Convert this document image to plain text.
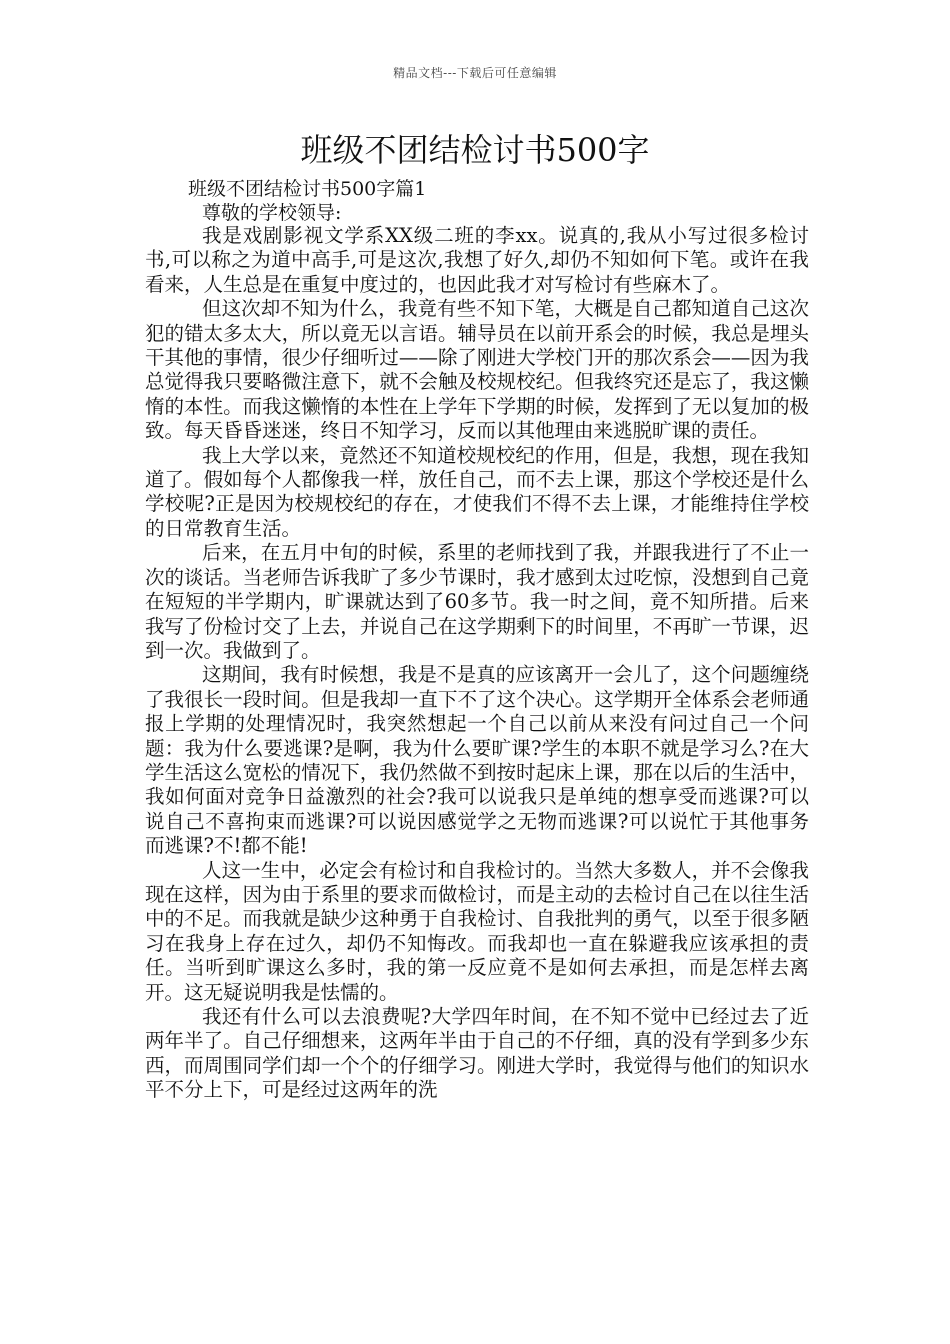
精品文档---下载后可任意编辑
班级不团结检讨书500字
班级不团结检讨书500字篇1
尊敬的学校领导:

我是戏剧影视文学系XX级二班的李xx。说真的,我从小写过很多检讨书,可以称之为道中高手,可是这次,我想了好久,却仍不知如何下笔。或许在我看来，人生总是在重复中度过的，也因此我才对写检讨有些麻木了。

但这次却不知为什么，我竟有些不知下笔，大概是自己都知道自己这次犯的错太多太大，所以竟无以言语。辅导员在以前开系会的时候，我总是埋头干其他的事情，很少仔细听过——除了刚进大学校门开的那次系会——因为我总觉得我只要略微注意下，就不会触及校规校纪。但我终究还是忘了，我这懒惰的本性。而我这懒惰的本性在上学年下学期的时候，发挥到了无以复加的极致。每天昏昏迷迷，终日不知学习，反而以其他理由来逃脱旷课的责任。

我上大学以来，竟然还不知道校规校纪的作用，但是，我想，现在我知道了。假如每个人都像我一样，放任自己，而不去上课，那这个学校还是什么学校呢?正是因为校规校纪的存在，才使我们不得不去上课，才能维持住学校的日常教育生活。

后来，在五月中旬的时候，系里的老师找到了我，并跟我进行了不止一次的谈话。当老师告诉我旷了多少节课时，我才感到太过吃惊，没想到自己竟在短短的半学期内，旷课就达到了60多节。我一时之间，竟不知所措。后来我写了份检讨交了上去，并说自己在这学期剩下的时间里，不再旷一节课，迟到一次。我做到了。

这期间，我有时候想，我是不是真的应该离开一会儿了，这个问题缠绕了我很长一段时间。但是我却一直下不了这个决心。这学期开全体系会老师通报上学期的处理情况时，我突然想起一个自己以前从来没有问过自己一个问题：我为什么要逃课?是啊，我为什么要旷课?学生的本职不就是学习么?在大学生活这么宽松的情况下，我仍然做不到按时起床上课，那在以后的生活中，我如何面对竞争日益激烈的社会?我可以说我只是单纯的想享受而逃课?可以说自己不喜拘束而逃课?可以说因感觉学之无物而逃课?可以说忙于其他事务而逃课?不!都不能!

人这一生中，必定会有检讨和自我检讨的。当然大多数人，并不会像我现在这样，因为由于系里的要求而做检讨，而是主动的去检讨自己在以往生活中的不足。而我就是缺少这种勇于自我检讨、自我批判的勇气，以至于很多陋习在我身上存在过久，却仍不知悔改。而我却也一直在躲避我应该承担的责任。当听到旷课这么多时，我的第一反应竟不是如何去承担，而是怎样去离开。这无疑说明我是怯懦的。

我还有什么可以去浪费呢?大学四年时间，在不知不觉中已经过去了近两年半了。自己仔细想来，这两年半由于自己的不仔细，真的没有学到多少东西，而周围同学们却一个个的仔细学习。刚进大学时，我觉得与他们的知识水平不分上下，可是经过这两年的洗
